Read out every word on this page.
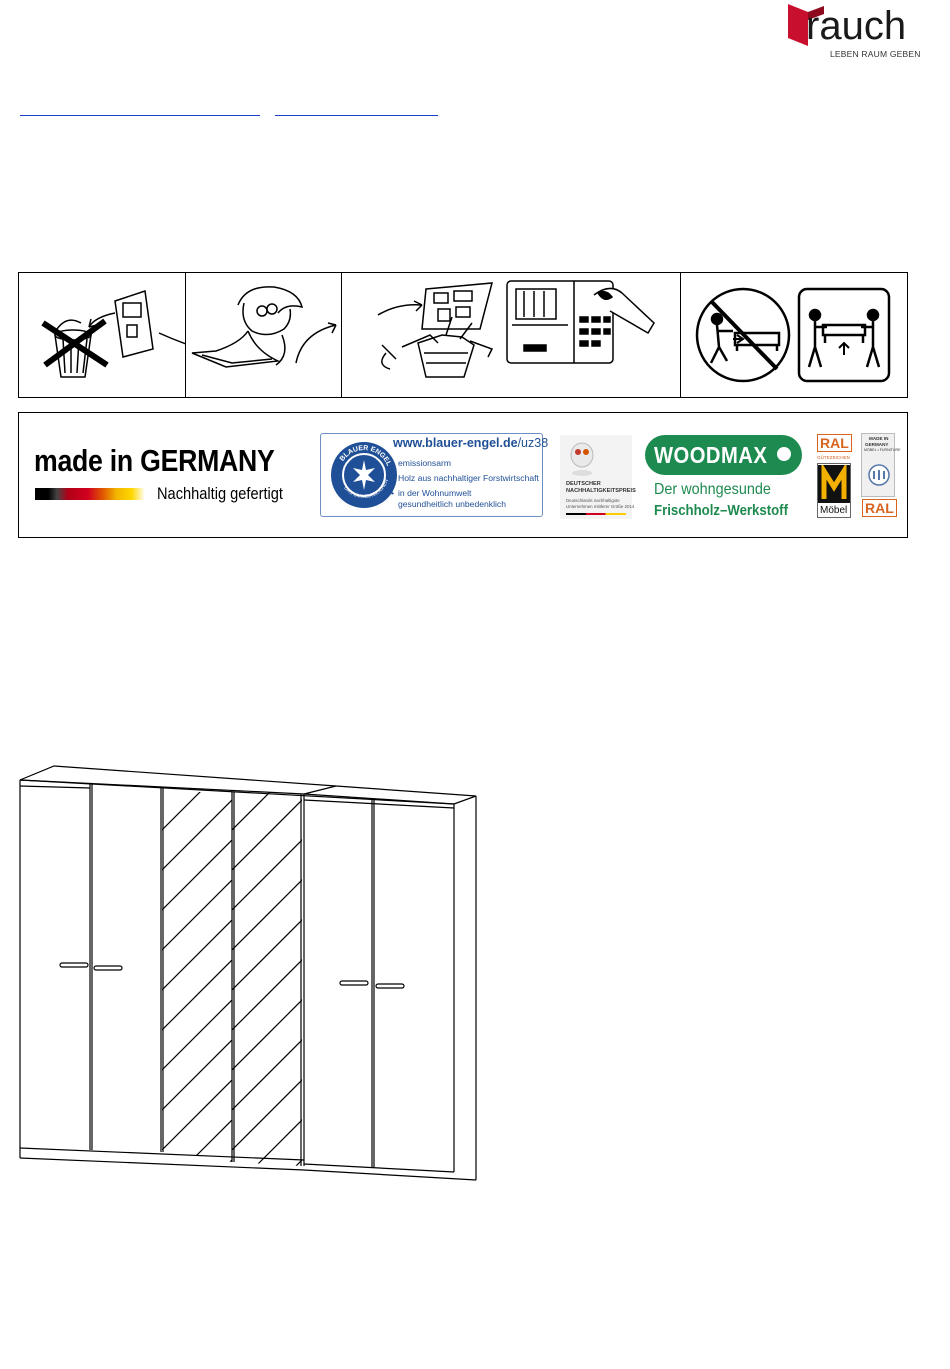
rauch
LEBEN RAUM GEBEN
made in GERMANY
Nachhaltig gefertigt
BLAUER ENGEL
DAS UMWELTZEICHEN
www.blauer-engel.de/uz38
• emissionsarm
• Holz aus nachhaltiger Forstwirtschaft
• in der Wohnumwelt gesundheitlich unbedenklich
DEUTSCHER
NACHHALTIGKEITSPREIS
Deutschlands nachhaltigste
Unternehmen mittlerer Größe 2014
WOODMAX
Der wohngesunde
Frischholz–Werkstoff
RAL
GÜTEZEICHEN
Möbel
MADE IN
GERMANY
MÖBEL • FURNITURE
RAL
